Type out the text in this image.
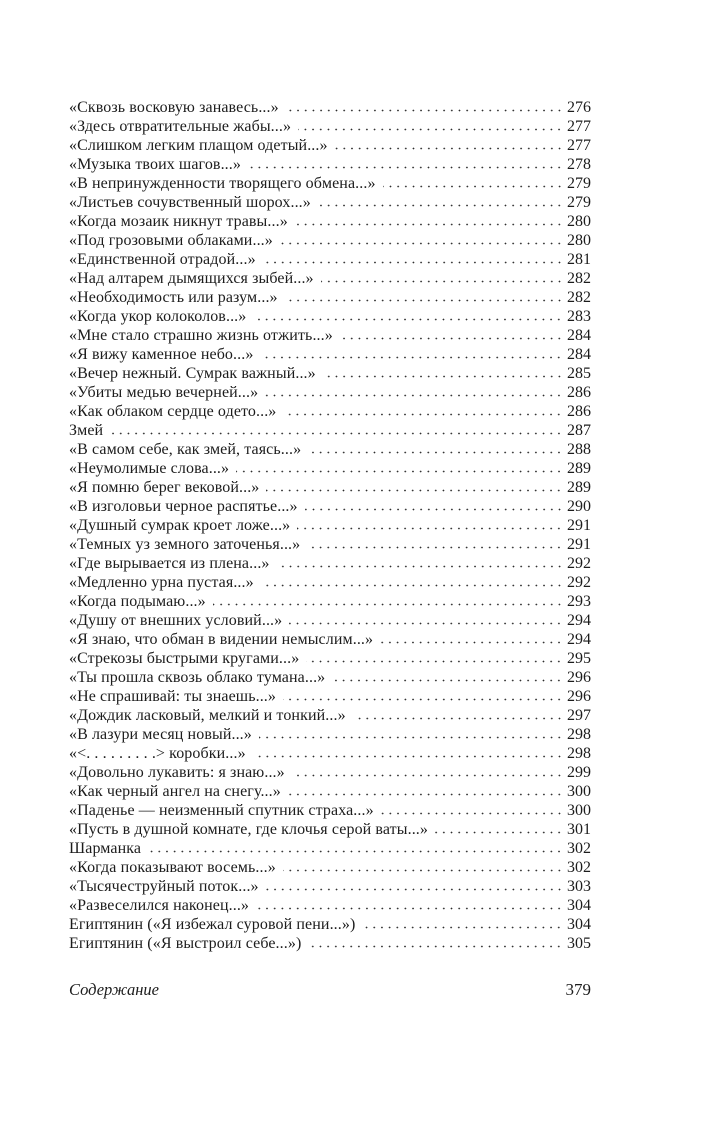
«Сквозь восковую занавесь...»	276
«Здесь отвратительные жабы...»	277
«Слишком легким плащом одетый...»	277
«Музыка твоих шагов...»	278
«В непринужденности творящего обмена...»	279
«Листьев сочувственный шорох...»	279
«Когда мозаик никнут травы...»	280
«Под грозовыми облаками...»	280
«Единственной отрадой...»	281
«Над алтарем дымящихся зыбей...»	282
«Необходимость или разум...»	282
«Когда укор колоколов...»	283
«Мне стало страшно жизнь отжить...»	284
«Я вижу каменное небо...»	284
«Вечер нежный. Сумрак важный...»	285
«Убиты медью вечерней...»	286
«Как облаком сердце одето...»	286
Змей	287
«В самом себе, как змей, таясь...»	288
«Неумолимые слова...»	289
«Я помню берег вековой...»	289
«В изголовьи черное распятье...»	290
«Душный сумрак кроет ложе...»	291
«Темных уз земного заточенья...»	291
«Где вырывается из плена...»	292
«Медленно урна пустая...»	292
«Когда подымаю...»	293
«Душу от внешних условий...»	294
«Я знаю, что обман в видении немыслим...»	294
«Стрекозы быстрыми кругами...»	295
«Ты прошла сквозь облако тумана...»	296
«Не спрашивай: ты знаешь...»	296
«Дождик ласковый, мелкий и тонкий...»	297
«В лазури месяц новый...»	298
«<. . . . . . . . .> коробки...»	298
«Довольно лукавить: я знаю...»	299
«Как черный ангел на снегу...»	300
«Паденье — неизменный спутник страха...»	300
«Пусть в душной комнате, где клочья серой ваты...»	301
Шарманка	302
«Когда показывают восемь...»	302
«Тысячеструйный поток...»	303
«Развеселился наконец...»	304
Египтянин («Я избежал суровой пени...»)	304
Египтянин («Я выстроил себе...»)	305
Содержание	379
